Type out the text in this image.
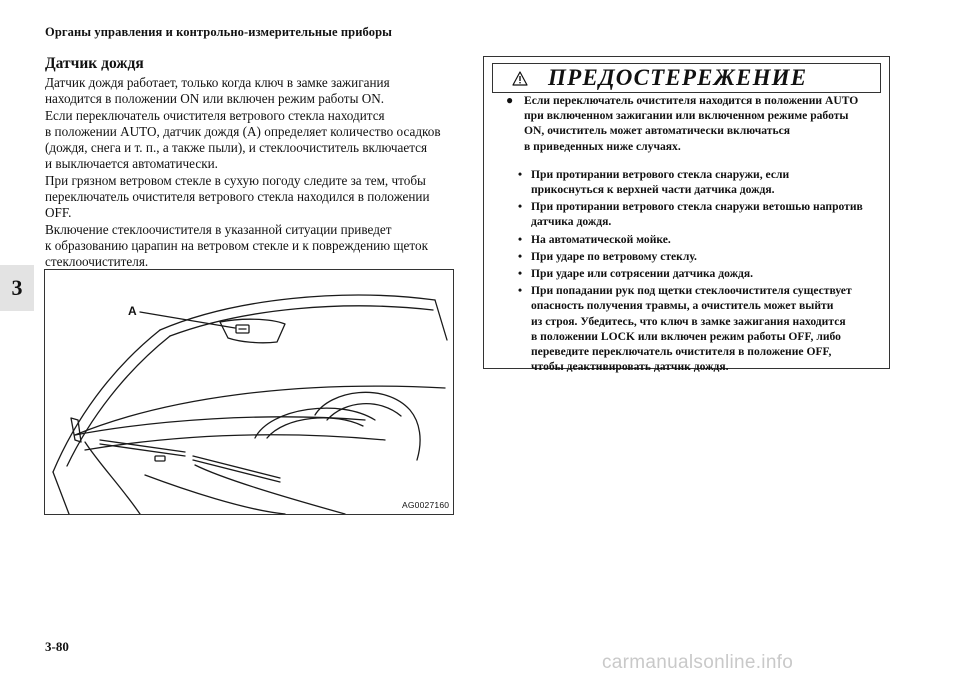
Органы управления и контрольно-измерительные приборы
3
Датчик дождя

Датчик дождя работает, только когда ключ в замке зажигания

находится в положении ON или включен режим работы ON.

Если переключатель очистителя ветрового стекла находится

в положении AUTO, датчик дождя (A) определяет количество осадков

(дождя, снега и т. п., а также пыли), и стеклоочиститель включается

и выключается автоматически.

При грязном ветровом стекле в сухую погоду следите за тем, чтобы

переключатель очистителя ветрового стекла находился в положении

OFF.

Включение стеклоочистителя в указанной ситуации приведет

к образованию царапин на ветровом стекле и к повреждению щеток

стеклоочистителя.

A
AG0027160
ПРЕДОСТЕРЕЖЕНИЕ
● Если переключатель очистителя находится в положении AUTO
при включенном зажигании или включенном режиме работы
ON, очиститель может автоматически включаться
в приведенных ниже случаях.
• При протирании ветрового стекла снаружи, если
прикоснуться к верхней части датчика дождя.
• При протирании ветрового стекла снаружи ветошью напротив
датчика дождя.
• На автоматической мойке.
• При ударе по ветровому стеклу.
• При ударе или сотрясении датчика дождя.
• При попадании рук под щетки стеклоочистителя существует
опасность получения травмы, а очиститель может выйти
из строя. Убедитесь, что ключ в замке зажигания находится
в положении LOCK или включен режим работы OFF, либо
переведите переключатель очистителя в положение OFF,
чтобы деактивировать датчик дождя.
3-80
carmanualsonline.info
